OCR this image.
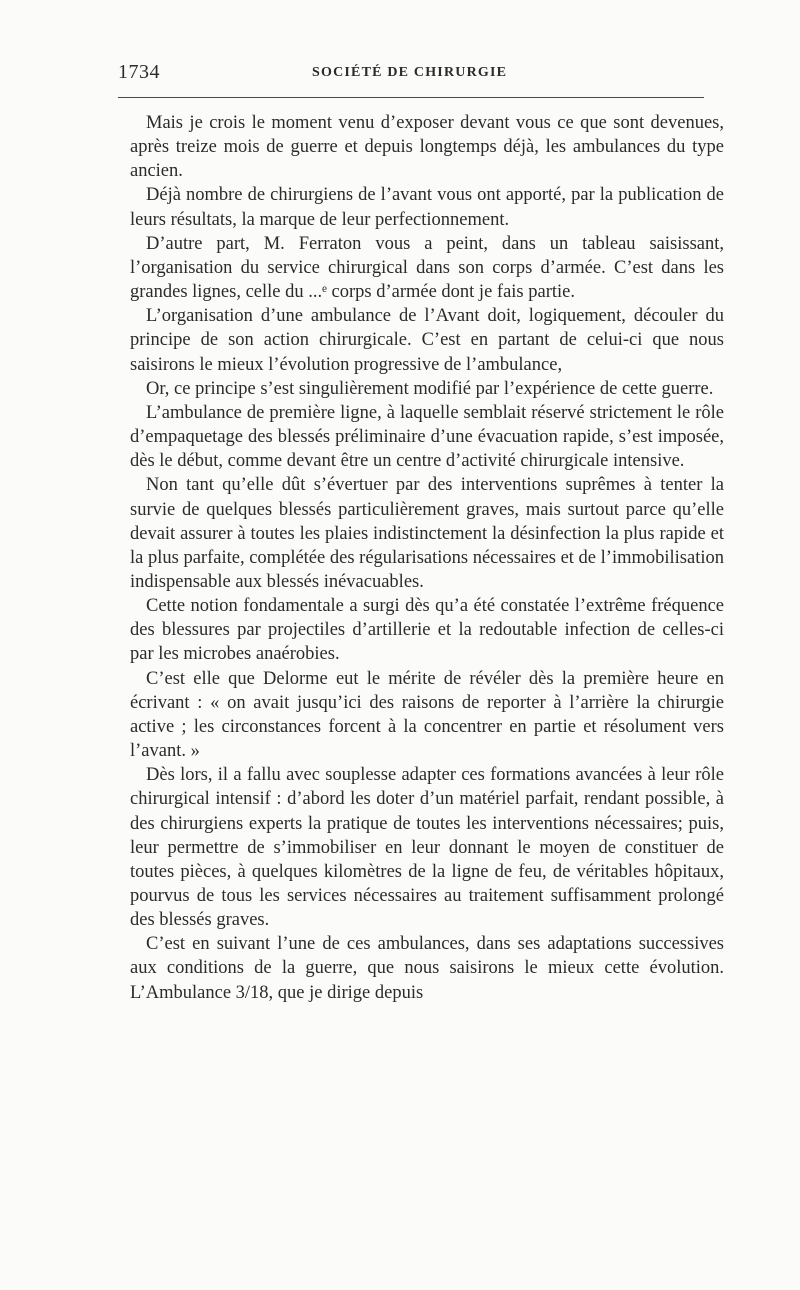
1734	SOCIÉTÉ DE CHIRURGIE

Mais je crois le moment venu d’exposer devant vous ce que sont devenues, après treize mois de guerre et depuis longtemps déjà, les ambulances du type ancien.

Déjà nombre de chirurgiens de l’avant vous ont apporté, par la publication de leurs résultats, la marque de leur perfectionnement.

D’autre part, M. Ferraton vous a peint, dans un tableau saisissant, l’organisation du service chirurgical dans son corps d’armée. C’est dans les grandes lignes, celle du ...ᵉ corps d’armée dont je fais partie.

L’organisation d’une ambulance de l’Avant doit, logiquement, découler du principe de son action chirurgicale. C’est en partant de celui-ci que nous saisirons le mieux l’évolution progressive de l’ambulance,

Or, ce principe s’est singulièrement modifié par l’expérience de cette guerre.

L’ambulance de première ligne, à laquelle semblait réservé strictement le rôle d’empaquetage des blessés préliminaire d’une évacuation rapide, s’est imposée, dès le début, comme devant être un centre d’activité chirurgicale intensive.

Non tant qu’elle dût s’évertuer par des interventions suprêmes à tenter la survie de quelques blessés particulièrement graves, mais surtout parce qu’elle devait assurer à toutes les plaies indistinctement la désinfection la plus rapide et la plus parfaite, complétée des régularisations nécessaires et de l’immobilisation indispensable aux blessés inévacuables.

Cette notion fondamentale a surgi dès qu’a été constatée l’extrême fréquence des blessures par projectiles d’artillerie et la redoutable infection de celles-ci par les microbes anaérobies.

C’est elle que Delorme eut le mérite de révéler dès la première heure en écrivant : « on avait jusqu’ici des raisons de reporter à l’arrière la chirurgie active ; les circonstances forcent à la concentrer en partie et résolument vers l’avant. »

Dès lors, il a fallu avec souplesse adapter ces formations avancées à leur rôle chirurgical intensif : d’abord les doter d’un matériel parfait, rendant possible, à des chirurgiens experts la pratique de toutes les interventions nécessaires; puis, leur permettre de s’immobiliser en leur donnant le moyen de constituer de toutes pièces, à quelques kilomètres de la ligne de feu, de véritables hôpitaux, pourvus de tous les services nécessaires au traitement suffisamment prolongé des blessés graves.

C’est en suivant l’une de ces ambulances, dans ses adaptations successives aux conditions de la guerre, que nous saisirons le mieux cette évolution. L’Ambulance 3/18, que je dirige depuis
